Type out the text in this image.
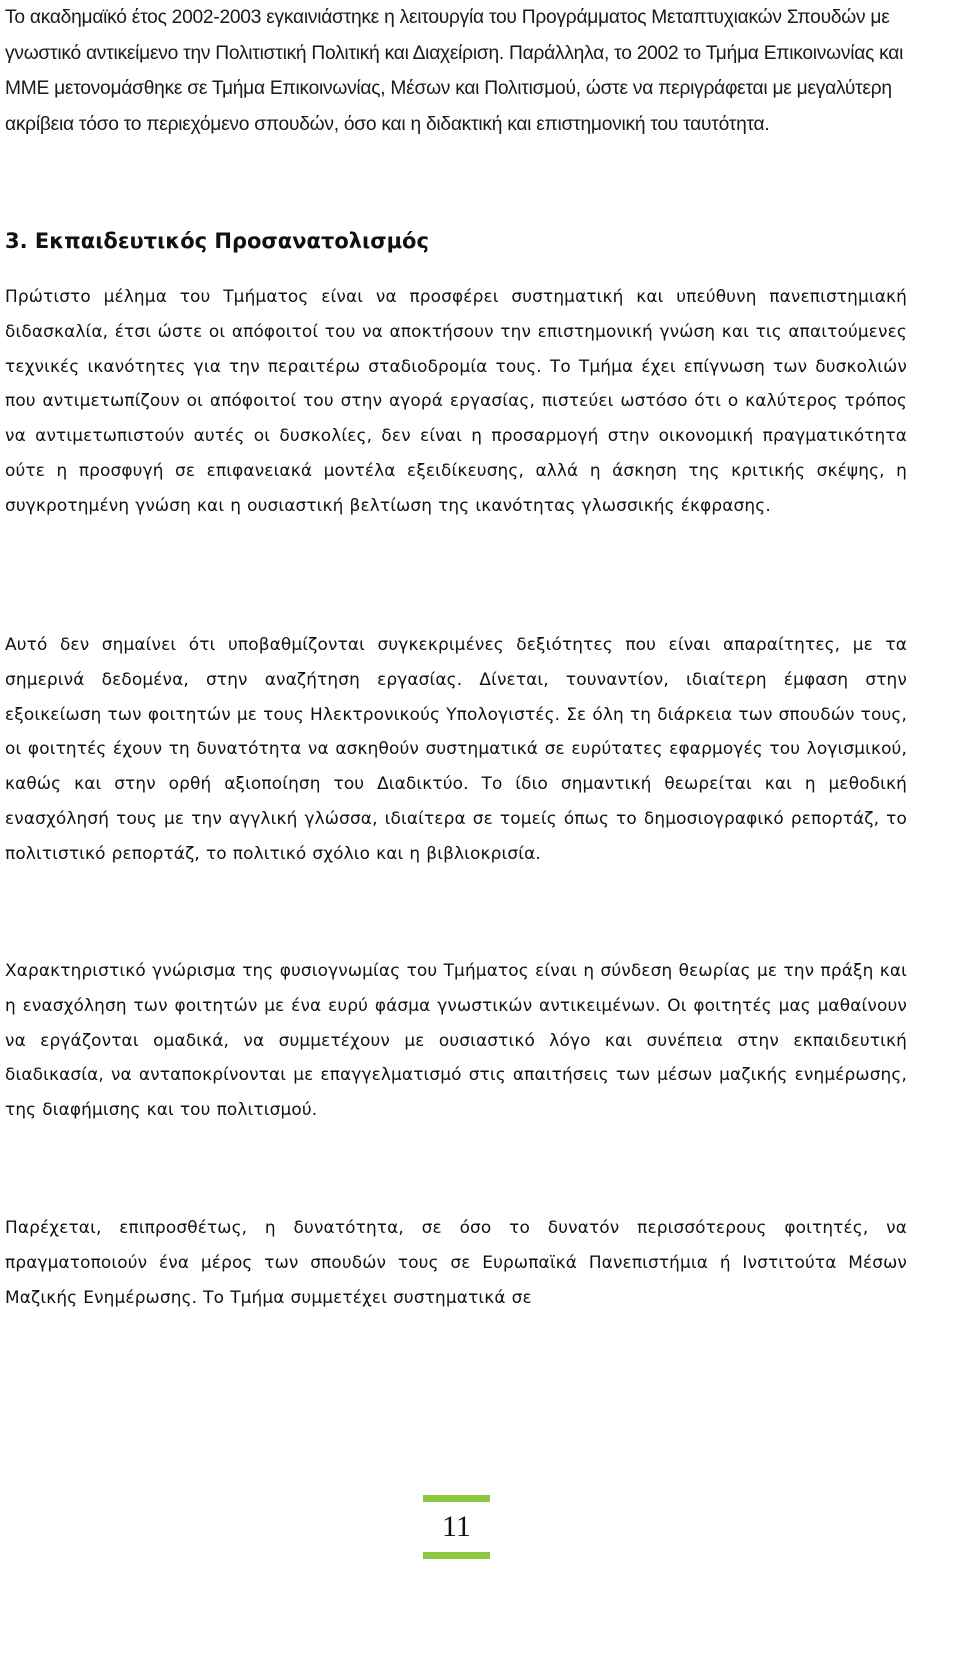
Το ακαδημαϊκό έτος 2002-2003 εγκαινιάστηκε η λειτουργία του Προγράμματος Μεταπτυχιακών Σπουδών με γνωστικό αντικείμενο την Πολιτιστική Πολιτική και Διαχείριση. Παράλληλα, το 2002 το Τμήμα Επικοινωνίας και ΜΜΕ μετονομάσθηκε σε Τμήμα Επικοινωνίας, Μέσων και Πολιτισμού, ώστε να περιγράφεται με μεγαλύτερη ακρίβεια τόσο το περιεχόμενο σπουδών, όσο και η διδακτική και επιστημονική του ταυτότητα.

3. Εκπαιδευτικός Προσανατολισμός

Πρώτιστο μέλημα του Τμήματος είναι να προσφέρει συστηματική και υπεύθυνη πανεπιστημιακή διδασκαλία, έτσι ώστε οι απόφοιτοί του να αποκτήσουν την επιστημονική γνώση και τις απαιτούμενες τεχνικές ικανότητες για την περαιτέρω σταδιοδρομία τους. Το Τμήμα έχει επίγνωση των δυσκολιών που αντιμετωπίζουν οι απόφοιτοί του στην αγορά εργασίας, πιστεύει ωστόσο ότι ο καλύτερος τρόπος να αντιμετωπιστούν αυτές οι δυσκολίες, δεν είναι η προσαρμογή στην οικονομική πραγματικότητα ούτε η προσφυγή σε επιφανειακά μοντέλα εξειδίκευσης, αλλά η άσκηση της κριτικής σκέψης, η συγκροτημένη γνώση και η ουσιαστική βελτίωση της ικανότητας γλωσσικής έκφρασης.

Αυτό δεν σημαίνει ότι υποβαθμίζονται συγκεκριμένες δεξιότητες που είναι απαραίτητες, με τα σημερινά δεδομένα, στην αναζήτηση εργασίας. Δίνεται, τουναντίον, ιδιαίτερη έμφαση στην εξοικείωση των φοιτητών με τους Ηλεκτρονικούς Υπολογιστές. Σε όλη τη διάρκεια των σπουδών τους, οι φοιτητές έχουν τη δυνατότητα να ασκηθούν συστηματικά σε ευρύτατες εφαρμογές του λογισμικού, καθώς και στην ορθή αξιοποίηση του Διαδικτύο. Το ίδιο σημαντική θεωρείται και η μεθοδική ενασχόλησή τους με την αγγλική γλώσσα, ιδιαίτερα σε τομείς όπως το δημοσιογραφικό ρεπορτάζ, το πολιτιστικό ρεπορτάζ, το πολιτικό σχόλιο και η βιβλιοκρισία.

Χαρακτηριστικό γνώρισμα της φυσιογνωμίας του Τμήματος είναι η σύνδεση θεωρίας με την πράξη και η ενασχόληση των φοιτητών με ένα ευρύ φάσμα γνωστικών αντικειμένων. Οι φοιτητές μας μαθαίνουν να εργάζονται ομαδικά, να συμμετέχουν με ουσιαστικό λόγο και συνέπεια στην εκπαιδευτική διαδικασία, να ανταποκρίνονται με επαγγελματισμό στις απαιτήσεις των μέσων μαζικής ενημέρωσης, της διαφήμισης και του πολιτισμού.

Παρέχεται, επιπροσθέτως, η δυνατότητα, σε όσο το δυνατόν περισσότερους φοιτητές, να πραγματοποιούν ένα μέρος των σπουδών τους σε Ευρωπαϊκά Πανεπιστήμια ή Ινστιτούτα Μέσων Μαζικής Ενημέρωσης. Το Τμήμα συμμετέχει συστηματικά σε

11
